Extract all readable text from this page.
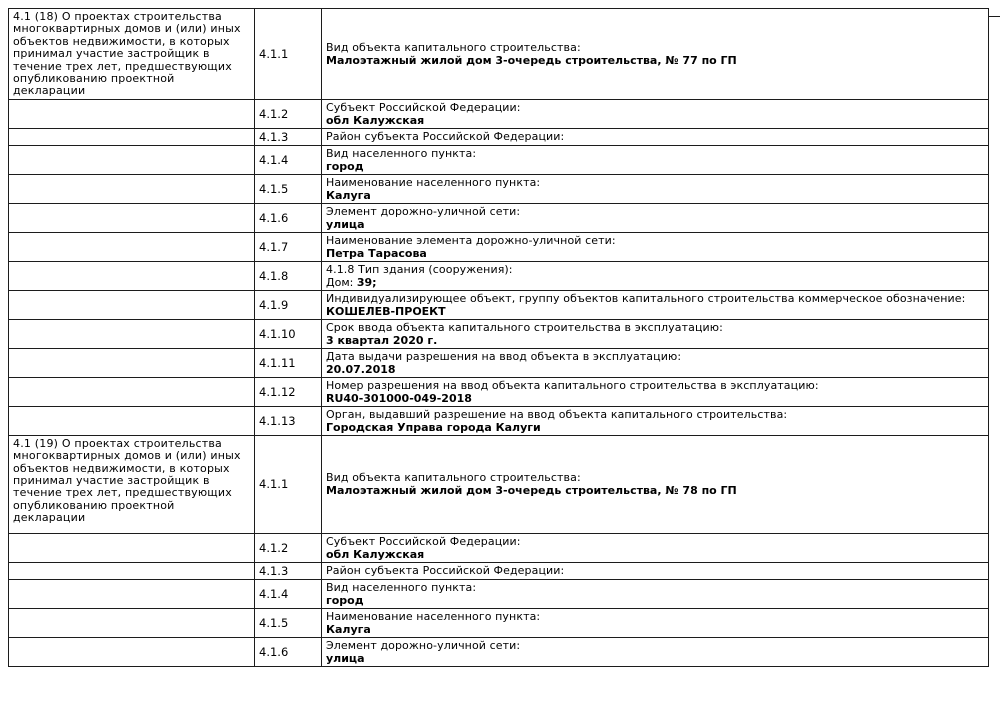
4.1 (18) О проектах строительства многоквартирных домов и (или) иных объектов недвижимости, в которых принимал участие застройщик в течение трех лет, предшествующих опубликованию проектной декларации	4.1.1	Вид объекта капитального строительства:
Малоэтажный жилой дом 3-очередь строительства, № 77 по ГП

	4.1.2	Субъект Российской Федерации:
обл Калужская

	4.1.3	Район субъекта Российской Федерации:

	4.1.4	Вид населенного пункта:
город

	4.1.5	Наименование населенного пункта:
Калуга

	4.1.6	Элемент дорожно-уличной сети:
улица

	4.1.7	Наименование элемента дорожно-уличной сети:
Петра Тарасова

	4.1.8	4.1.8 Тип здания (сооружения):
Дом: 39;

	4.1.9	Индивидуализирующее объект, группу объектов капитального строительства коммерческое обозначение:
КОШЕЛЕВ-ПРОЕКТ

	4.1.10	Срок ввода объекта капитального строительства в эксплуатацию:
3 квартал 2020 г.

	4.1.11	Дата выдачи разрешения на ввод объекта в эксплуатацию:
20.07.2018

	4.1.12	Номер разрешения на ввод объекта капитального строительства в эксплуатацию:
RU40-301000-049-2018

	4.1.13	Орган, выдавший разрешение на ввод объекта капитального строительства:
Городская Управа города Калуги

4.1 (19) О проектах строительства многоквартирных домов и (или) иных объектов недвижимости, в которых принимал участие застройщик в течение трех лет, предшествующих опубликованию проектной декларации	4.1.1	Вид объекта капитального строительства:
Малоэтажный жилой дом 3-очередь строительства, № 78 по ГП

	4.1.2	Субъект Российской Федерации:
обл Калужская

	4.1.3	Район субъекта Российской Федерации:

	4.1.4	Вид населенного пункта:
город

	4.1.5	Наименование населенного пункта:
Калуга

	4.1.6	Элемент дорожно-уличной сети:
улица
